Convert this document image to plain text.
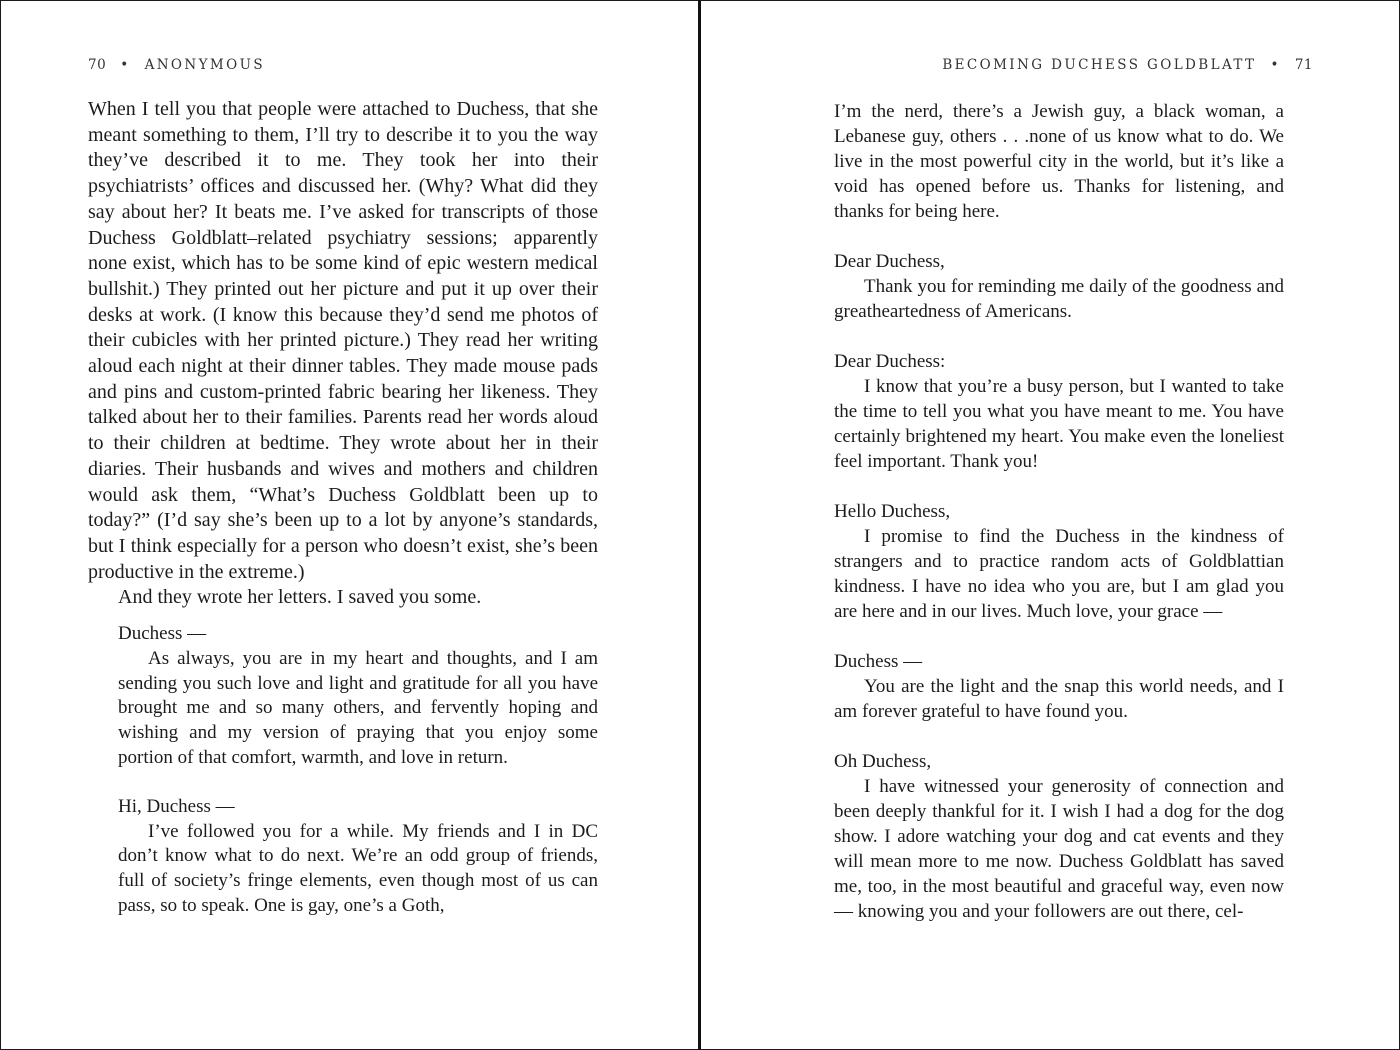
70 • ANONYMOUS

When I tell you that people were attached to Duchess, that she meant something to them, I’ll try to describe it to you the way they’ve described it to me. They took her into their psychiatrists’ offices and discussed her. (Why? What did they say about her? It beats me. I’ve asked for transcripts of those Duchess Goldblatt–related psychiatry sessions; apparently none exist, which has to be some kind of epic western medical bullshit.) They printed out her picture and put it up over their desks at work. (I know this because they’d send me photos of their cubicles with her printed picture.) They read her writing aloud each night at their dinner tables. They made mouse pads and pins and custom-printed fabric bearing her likeness. They talked about her to their families. Parents read her words aloud to their children at bedtime. They wrote about her in their diaries. Their husbands and wives and mothers and children would ask them, “What’s Duchess Goldblatt been up to today?” (I’d say she’s been up to a lot by anyone’s standards, but I think especially for a person who doesn’t exist, she’s been productive in the extreme.)

And they wrote her letters. I saved you some.

Duchess —

As always, you are in my heart and thoughts, and I am sending you such love and light and gratitude for all you have brought me and so many others, and fervently hoping and wishing and my version of praying that you enjoy some portion of that comfort, warmth, and love in return.

Hi, Duchess —

I’ve followed you for a while. My friends and I in DC don’t know what to do next. We’re an odd group of friends, full of society’s fringe elements, even though most of us can pass, so to speak. One is gay, one’s a Goth,

BECOMING DUCHESS GOLDBLATT • 71

I’m the nerd, there’s a Jewish guy, a black woman, a Lebanese guy, others . . .none of us know what to do. We live in the most powerful city in the world, but it’s like a void has opened before us. Thanks for listening, and thanks for being here.

Dear Duchess,

Thank you for reminding me daily of the goodness and greatheartedness of Americans.

Dear Duchess:

I know that you’re a busy person, but I wanted to take the time to tell you what you have meant to me. You have certainly brightened my heart. You make even the loneliest feel important. Thank you!

Hello Duchess,

I promise to find the Duchess in the kindness of strangers and to practice random acts of Goldblattian kindness. I have no idea who you are, but I am glad you are here and in our lives. Much love, your grace —

Duchess —

You are the light and the snap this world needs, and I am forever grateful to have found you.

Oh Duchess,

I have witnessed your generosity of connection and been deeply thankful for it. I wish I had a dog for the dog show. I adore watching your dog and cat events and they will mean more to me now. Duchess Goldblatt has saved me, too, in the most beautiful and graceful way, even now — knowing you and your followers are out there, cel-
